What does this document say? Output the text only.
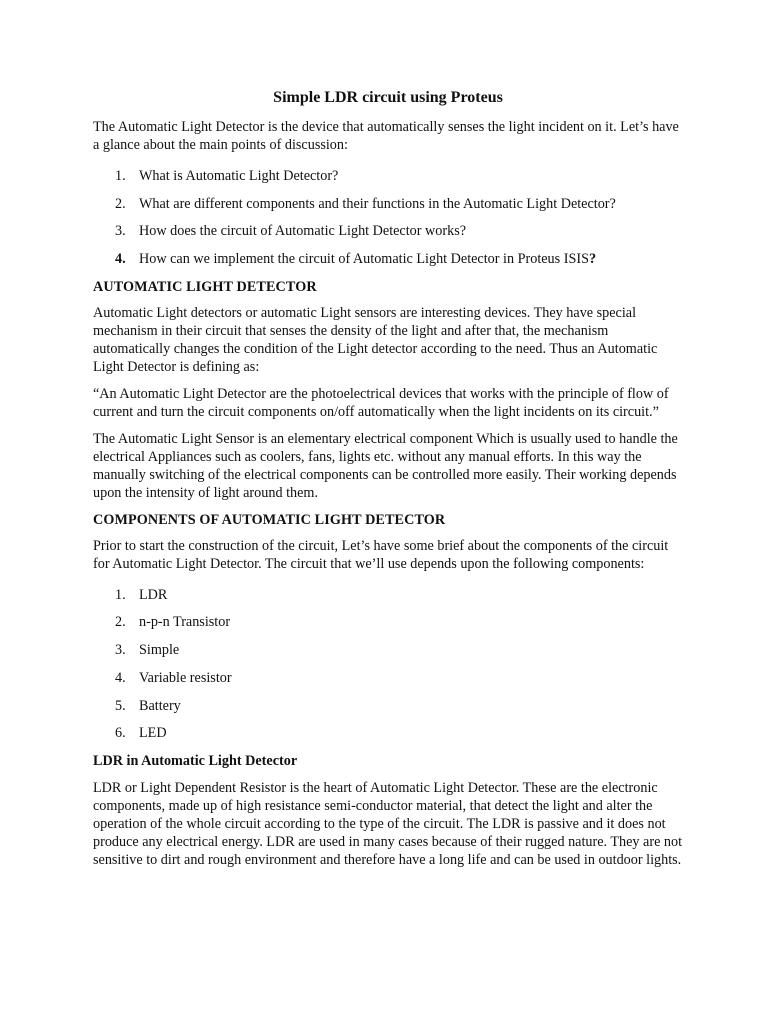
Simple LDR circuit using Proteus

The Automatic Light Detector is the device that automatically senses the light incident on it. Let’s have a glance about the main points of discussion:

1. What is Automatic Light Detector?
2. What are different components and their functions in the Automatic Light Detector?
3. How does the circuit of Automatic Light Detector works?
4. How can we implement the circuit of Automatic Light Detector in Proteus ISIS?
AUTOMATIC LIGHT DETECTOR

Automatic Light detectors or automatic Light sensors are interesting devices. They have special mechanism in their circuit that senses the density of the light and after that, the mechanism automatically changes the condition of the Light detector according to the need. Thus an Automatic Light Detector is defining as:

“An Automatic Light Detector are the photoelectrical devices that works with the principle of flow of current and turn the circuit components on/off automatically when the light incidents on its circuit.”

The Automatic Light Sensor is an elementary electrical component Which is usually used to handle the electrical Appliances such as coolers, fans, lights etc. without any manual efforts. In this way the manually switching of the electrical components can be controlled more easily. Their working depends upon the intensity of light around them.

COMPONENTS OF AUTOMATIC LIGHT DETECTOR

Prior to start the construction of the circuit, Let’s have some brief about the components of the circuit for Automatic Light Detector. The circuit that we’ll use depends upon the following components:

1. LDR
2. n-p-n Transistor
3. Simple
4. Variable resistor
5. Battery
6. LED
LDR in Automatic Light Detector

LDR or Light Dependent Resistor is the heart of Automatic Light Detector. These are the electronic components, made up of high resistance semi-conductor material, that detect the light and alter the operation of the whole circuit according to the type of the circuit. The LDR is passive and it does not produce any electrical energy. LDR are used in many cases because of their rugged nature. They are not sensitive to dirt and rough environment and therefore have a long life and can be used in outdoor lights.
